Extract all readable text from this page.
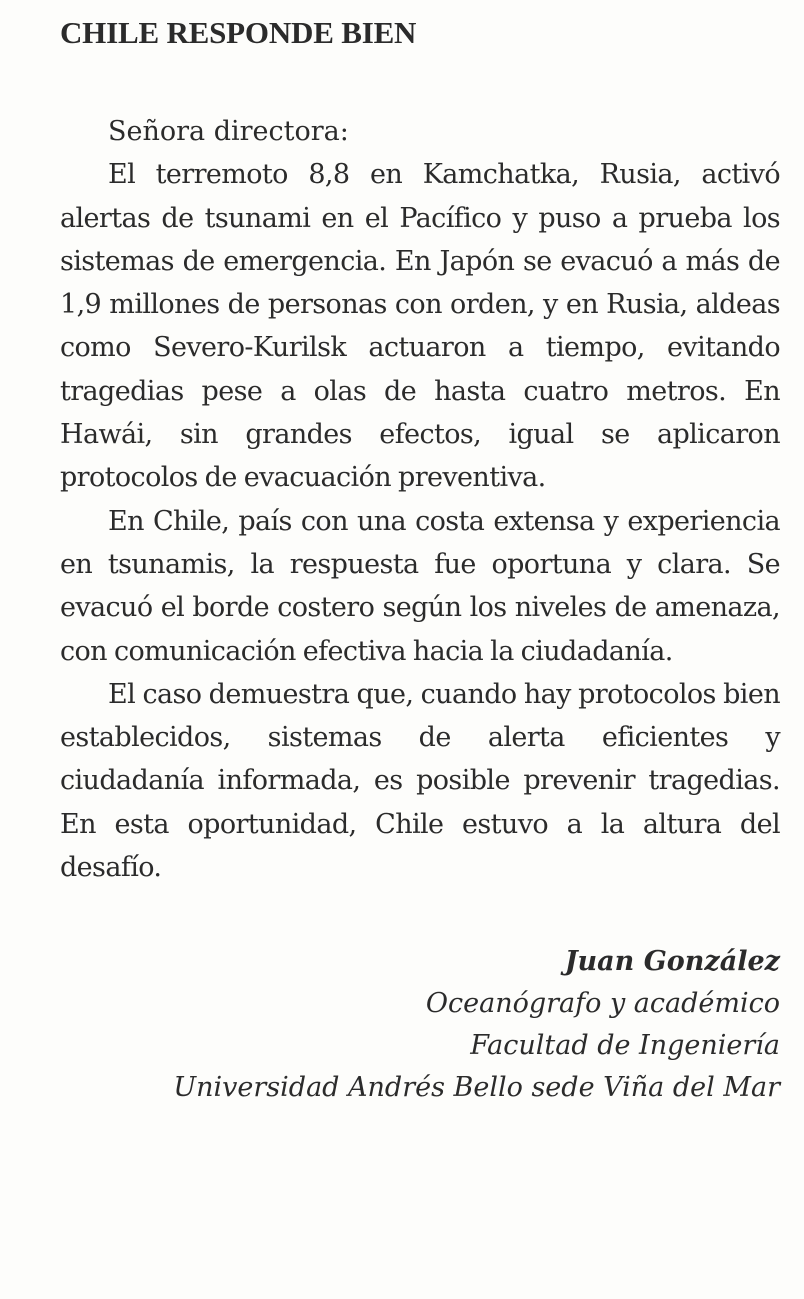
CHILE RESPONDE BIEN
Señora directora:

El terremoto 8,8 en Kamchatka, Rusia, activó alertas de tsunami en el Pacífico y puso a prueba los sistemas de emergencia. En Japón se evacuó a más de 1,9 millones de personas con orden, y en Rusia, aldeas como Severo-Kurilsk actuaron a tiempo, evitando tragedias pese a olas de hasta cuatro metros. En Hawái, sin grandes efectos, igual se aplicaron protocolos de evacuación preventiva.

En Chile, país con una costa extensa y experiencia en tsunamis, la respuesta fue oportuna y clara. Se evacuó el borde costero según los niveles de amenaza, con comunicación efectiva hacia la ciudadanía.

El caso demuestra que, cuando hay protocolos bien establecidos, sistemas de alerta eficientes y ciudadanía informada, es posible prevenir tragedias. En esta oportunidad, Chile estuvo a la altura del desafío.

Juan González
Oceanógrafo y académico
Facultad de Ingeniería
Universidad Andrés Bello sede Viña del Mar
